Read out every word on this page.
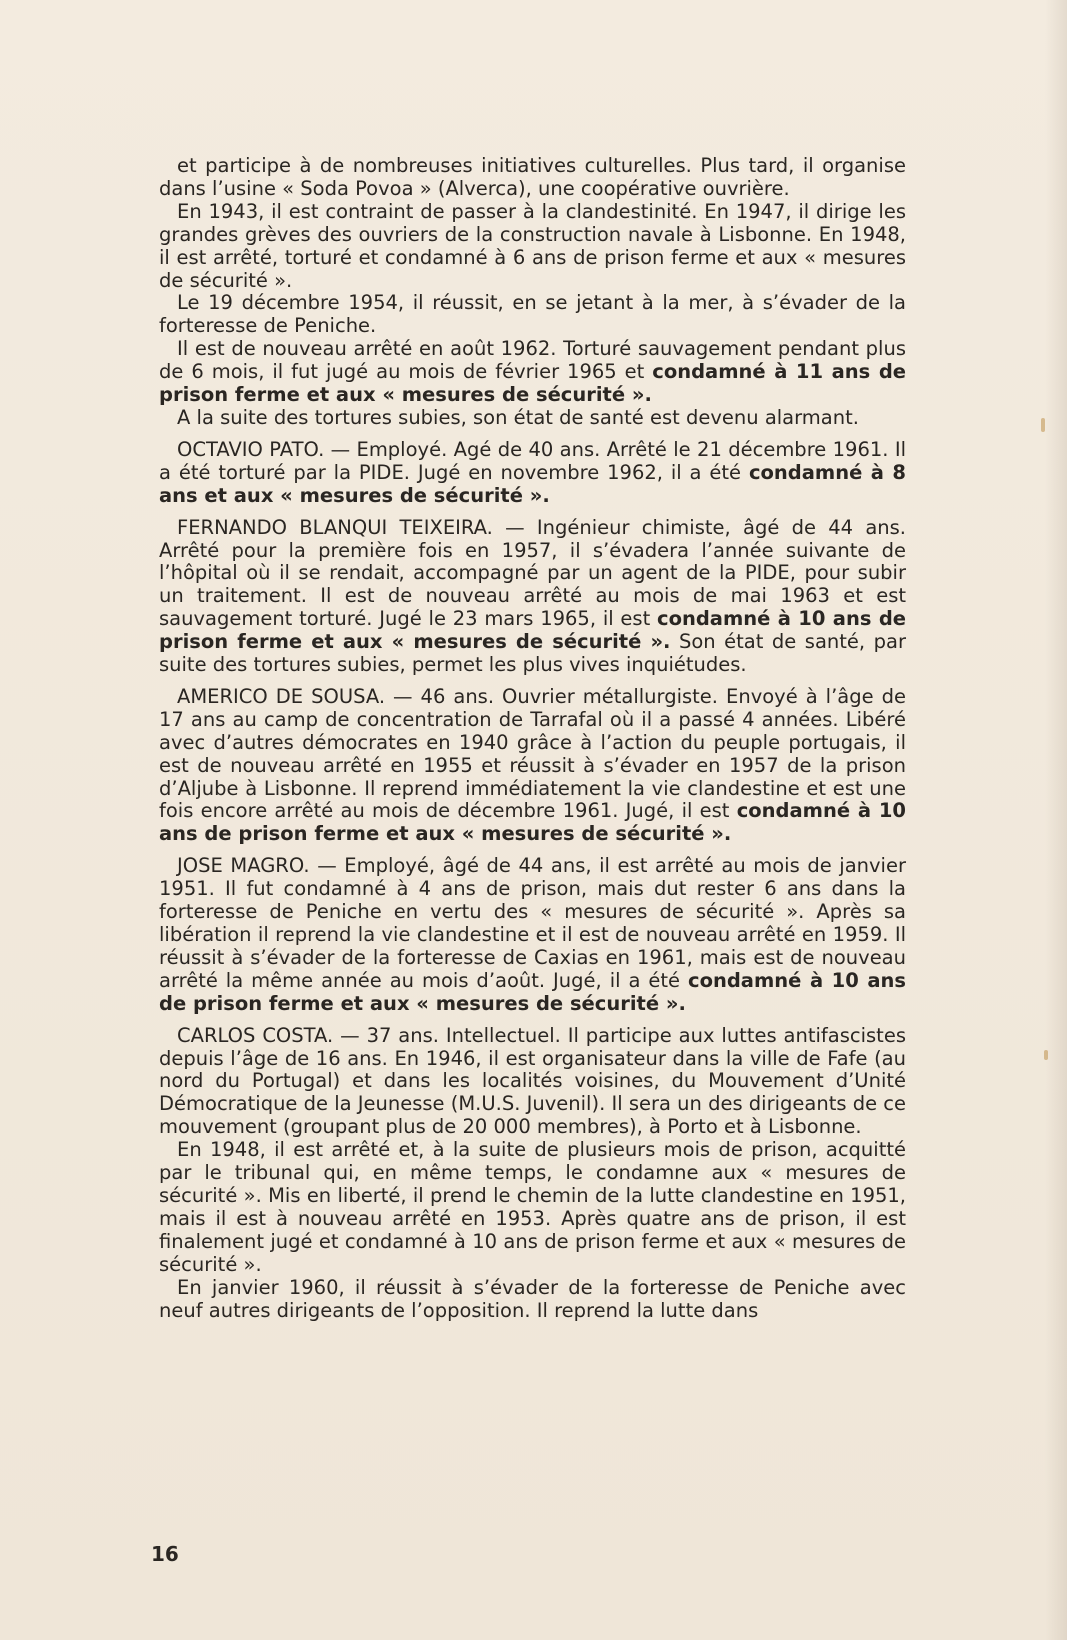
et participe à de nombreuses initiatives culturelles. Plus tard, il organise dans l’usine « Soda Povoa » (Alverca), une coopérative ouvrière.

En 1943, il est contraint de passer à la clandestinité. En 1947, il dirige les grandes grèves des ouvriers de la construction navale à Lisbonne. En 1948, il est arrêté, torturé et condamné à 6 ans de prison ferme et aux « mesures de sécurité ».

Le 19 décembre 1954, il réussit, en se jetant à la mer, à s’évader de la forteresse de Peniche.

Il est de nouveau arrêté en août 1962. Torturé sauvagement pendant plus de 6 mois, il fut jugé au mois de février 1965 et condamné à 11 ans de prison ferme et aux « mesures de sécurité ».

A la suite des tortures subies, son état de santé est devenu alarmant.

OCTAVIO PATO. — Employé. Agé de 40 ans. Arrêté le 21 décembre 1961. Il a été torturé par la PIDE. Jugé en novembre 1962, il a été condamné à 8 ans et aux « mesures de sécurité ».

FERNANDO BLANQUI TEIXEIRA. — Ingénieur chimiste, âgé de 44 ans. Arrêté pour la première fois en 1957, il s’évadera l’année suivante de l’hôpital où il se rendait, accompagné par un agent de la PIDE, pour subir un traitement. Il est de nouveau arrêté au mois de mai 1963 et est sauvagement torturé. Jugé le 23 mars 1965, il est condamné à 10 ans de prison ferme et aux « mesures de sécurité ». Son état de santé, par suite des tortures subies, permet les plus vives inquiétudes.

AMERICO DE SOUSA. — 46 ans. Ouvrier métallurgiste. Envoyé à l’âge de 17 ans au camp de concentration de Tarrafal où il a passé 4 années. Libéré avec d’autres démocrates en 1940 grâce à l’action du peuple portugais, il est de nouveau arrêté en 1955 et réussit à s’évader en 1957 de la prison d’Aljube à Lisbonne. Il reprend immédiatement la vie clandestine et est une fois encore arrêté au mois de décembre 1961. Jugé, il est condamné à 10 ans de prison ferme et aux « mesures de sécurité ».

JOSE MAGRO. — Employé, âgé de 44 ans, il est arrêté au mois de janvier 1951. Il fut condamné à 4 ans de prison, mais dut rester 6 ans dans la forteresse de Peniche en vertu des « mesures de sécurité ». Après sa libération il reprend la vie clandestine et il est de nouveau arrêté en 1959. Il réussit à s’évader de la forteresse de Caxias en 1961, mais est de nouveau arrêté la même année au mois d’août. Jugé, il a été condamné à 10 ans de prison ferme et aux « mesures de sécurité ».

CARLOS COSTA. — 37 ans. Intellectuel. Il participe aux luttes antifascistes depuis l’âge de 16 ans. En 1946, il est organisateur dans la ville de Fafe (au nord du Portugal) et dans les localités voisines, du Mouvement d’Unité Démocratique de la Jeunesse (M.U.S. Juvenil). Il sera un des dirigeants de ce mouvement (groupant plus de 20 000 membres), à Porto et à Lisbonne.

En 1948, il est arrêté et, à la suite de plusieurs mois de prison, acquitté par le tribunal qui, en même temps, le condamne aux « mesures de sécurité ». Mis en liberté, il prend le chemin de la lutte clandestine en 1951, mais il est à nouveau arrêté en 1953. Après quatre ans de prison, il est finalement jugé et condamné à 10 ans de prison ferme et aux « mesures de sécurité ».

En janvier 1960, il réussit à s’évader de la forteresse de Peniche avec neuf autres dirigeants de l’opposition. Il reprend la lutte dans

16
